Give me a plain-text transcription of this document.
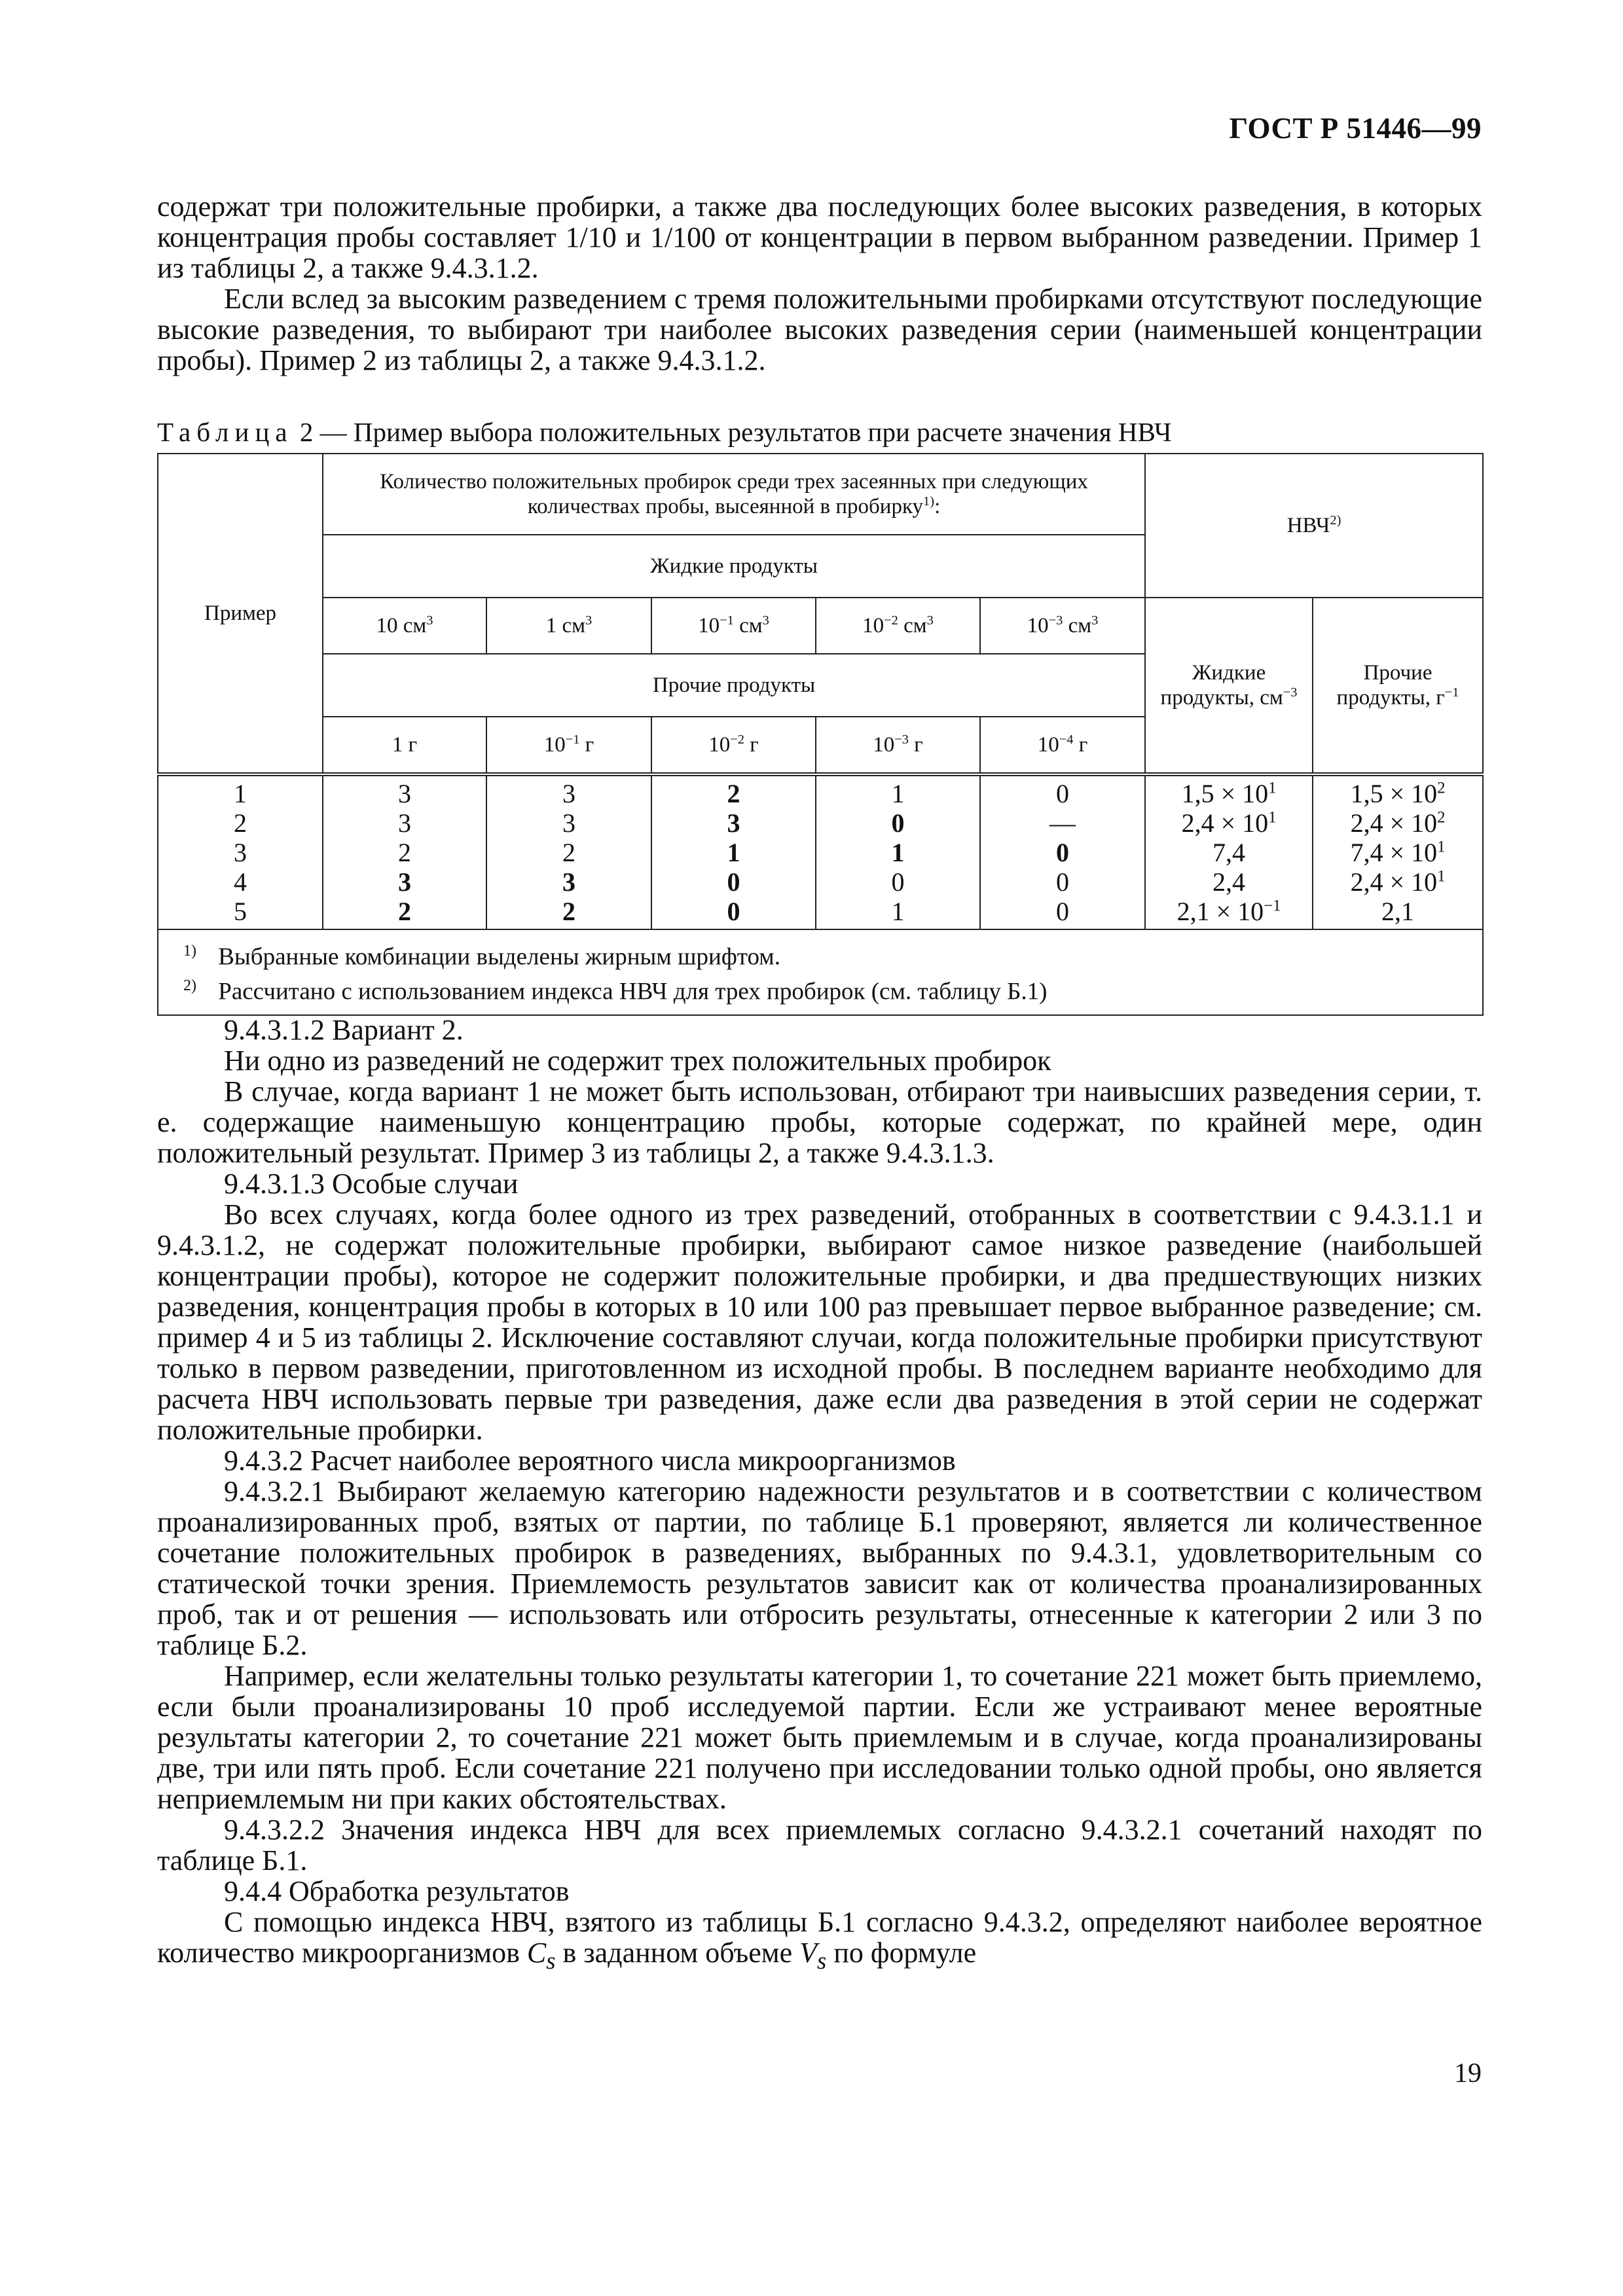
ГОСТ Р 51446—99

содержат три положительные пробирки, а также два последующих более высоких разведения, в которых концентрация пробы составляет 1/10 и 1/100 от концентрации в первом выбранном разведении. Пример 1 из таблицы 2, а также 9.4.3.1.2.

Если вслед за высоким разведением с тремя положительными пробирками отсутствуют последующие высокие разведения, то выбирают три наиболее высоких разведения серии (наименьшей концентрации пробы). Пример 2 из таблицы 2, а также 9.4.3.1.2.

Таблица 2 — Пример выбора положительных результатов при расчете значения НВЧ
Пример	Количество положительных пробирок среди трех засеянных при следующих количествах пробы, высеянной в пробирку$^{1)}$:					НВЧ$^{2)}$
	Жидкие продукты						
	10 $см^3$	1 $см^3$	$10^{-1}$ $см^3$	$10^{-2}$ $см^3$	$10^{-3}$ $см^3$	Жидкие продукты, $см^{-3}$	Прочие продукты, $г^{-1}$
	Прочие продукты						
	1 г	$10^{-1}$ г	$10^{-2}$ г	$10^{-3}$ г	$10^{-4}$ г		
1	3	3	2	1	0	$1,5 \times 10^1$	$1,5 \times 10^2$
2	3	3	3	0	—	$2,4 \times 10^1$	$2,4 \times 10^2$
3	2	2	1	1	0	7,4	$7,4 \times 10^1$
4	3	3	0	0	0	2,4	$2,4 \times 10^1$
5	2	2	0	1	0	$2,1 \times 10^{-1}$	2,1

1) Выбранные комбинации выделены жирным шрифтом.
2) Рассчитано с использованием индекса НВЧ для трех пробирок (см. таблицу Б.1)							

9.4.3.1.2 Вариант 2.

Ни одно из разведений не содержит трех положительных пробирок

В случае, когда вариант 1 не может быть использован, отбирают три наивысших разведения серии, т. е. содержащие наименьшую концентрацию пробы, которые содержат, по крайней мере, один положительный результат. Пример 3 из таблицы 2, а также 9.4.3.1.3.

9.4.3.1.3 Особые случаи

Во всех случаях, когда более одного из трех разведений, отобранных в соответствии с 9.4.3.1.1 и 9.4.3.1.2, не содержат положительные пробирки, выбирают самое низкое разведение (наибольшей концентрации пробы), которое не содержит положительные пробирки, и два предшествующих низких разведения, концентрация пробы в которых в 10 или 100 раз превышает первое выбранное разведение; см. пример 4 и 5 из таблицы 2. Исключение составляют случаи, когда положительные пробирки присутствуют только в первом разведении, приготовленном из исходной пробы. В последнем варианте необходимо для расчета НВЧ использовать первые три разведения, даже если два разведения в этой серии не содержат положительные пробирки.

9.4.3.2 Расчет наиболее вероятного числа микроорганизмов

9.4.3.2.1 Выбирают желаемую категорию надежности результатов и в соответствии с количеством проанализированных проб, взятых от партии, по таблице Б.1 проверяют, является ли количественное сочетание положительных пробирок в разведениях, выбранных по 9.4.3.1, удовлетворительным со статической точки зрения. Приемлемость результатов зависит как от количества проанализированных проб, так и от решения — использовать или отбросить результаты, отнесенные к категории 2 или 3 по таблице Б.2.

Например, если желательны только результаты категории 1, то сочетание 221 может быть приемлемо, если были проанализированы 10 проб исследуемой партии. Если же устраивают менее вероятные результаты категории 2, то сочетание 221 может быть приемлемым и в случае, когда проанализированы две, три или пять проб. Если сочетание 221 получено при исследовании только одной пробы, оно является неприемлемым ни при каких обстоятельствах.

9.4.3.2.2 Значения индекса НВЧ для всех приемлемых согласно 9.4.3.2.1 сочетаний находят по таблице Б.1.

9.4.4 Обработка результатов

С помощью индекса НВЧ, взятого из таблицы Б.1 согласно 9.4.3.2, определяют наиболее вероятное количество микроорганизмов $C_s$ в заданном объеме $V_s$ по формуле

19
